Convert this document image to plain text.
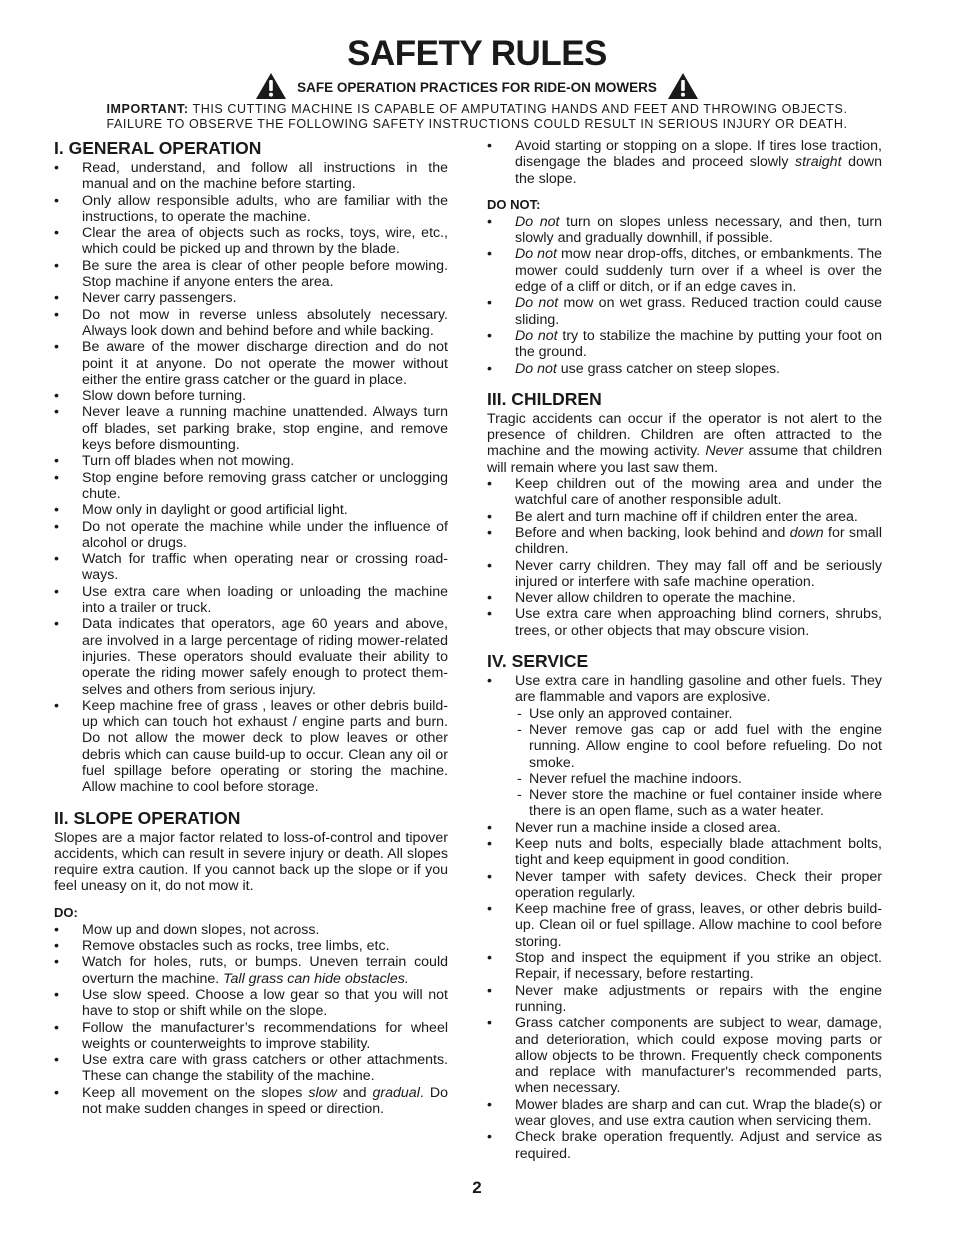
SAFETY RULES
SAFE OPERATION PRACTICES FOR RIDE-ON MOWERS
IMPORTANT: THIS CUTTING MACHINE IS CAPABLE OF AMPUTATING HANDS AND FEET AND THROWING OBJECTS.
FAILURE TO OBSERVE THE FOLLOWING SAFETY INSTRUCTIONS COULD RESULT IN SERIOUS INJURY OR DEATH.
I. GENERAL OPERATION
• Read, understand, and follow all instructions in the manual and on the machine before starting.
• Only allow responsible adults, who are familiar with the instructions, to operate the machine.
• Clear the area of objects such as rocks, toys, wire, etc., which could be picked up and thrown by the blade.
• Be sure the area is clear of other people before mowing. Stop machine if anyone enters the area.
• Never carry passengers.
• Do not mow in reverse unless absolutely necessary. Always look down and behind before and while backing.
• Be aware of the mower discharge direction and do not point it at anyone. Do not operate the mower without either the entire grass catcher or the guard in place.
• Slow down before turning.
• Never leave a running machine unattended. Always turn off blades, set parking brake, stop engine, and remove keys before dismounting.
• Turn off blades when not mowing.
• Stop engine before removing grass catcher or unclogging chute.
• Mow only in daylight or good artificial light.
• Do not operate the machine while under the influence of alcohol or drugs.
• Watch for traffic when operating near or crossing road-ways.
• Use extra care when loading or unloading the machine into a trailer or truck.
• Data indicates that operators, age 60 years and above, are involved in a large percentage of riding mower-related injuries. These operators should evaluate their ability to operate the riding mower safely enough to protect them-selves and others from serious injury.
• Keep machine free of grass , leaves or other debris build-up which can touch hot exhaust / engine parts and burn. Do not allow the mower deck to plow leaves or other debris which can cause build-up to occur. Clean any oil or fuel spillage before operating or storing the machine. Allow machine to cool before storage.
II. SLOPE OPERATION

Slopes are a major factor related to loss-of-control and tipover accidents, which can result in severe injury or death. All slopes require extra caution. If you cannot back up the slope or if you feel uneasy on it, do not mow it.

DO:
• Mow up and down slopes, not across.
• Remove obstacles such as rocks, tree limbs, etc.
• Watch for holes, ruts, or bumps. Uneven terrain could overturn the machine. Tall grass can hide obstacles.
• Use slow speed. Choose a low gear so that you will not have to stop or shift while on the slope.
• Follow the manufacturer’s recommendations for wheel weights or counterweights to improve stability.
• Use extra care with grass catchers or other attachments. These can change the stability of the machine.
• Keep all movement on the slopes slow and gradual. Do not make sudden changes in speed or direction.
• Avoid starting or stopping on a slope. If tires lose traction, disengage the blades and proceed slowly straight down the slope.
DO NOT:
• Do not turn on slopes unless necessary, and then, turn slowly and gradually downhill, if possible.
• Do not mow near drop-offs, ditches, or embankments. The mower could suddenly turn over if a wheel is over the edge of a cliff or ditch, or if an edge caves in.
• Do not mow on wet grass. Reduced traction could cause sliding.
• Do not try to stabilize the machine by putting your foot on the ground.
• Do not use grass catcher on steep slopes.
III. CHILDREN

Tragic accidents can occur if the operator is not alert to the presence of children. Children are often attracted to the machine and the mowing activity. Never assume that children will remain where you last saw them.

• Keep children out of the mowing area and under the watchful care of another responsible adult.
• Be alert and turn machine off if children enter the area.
• Before and when backing, look behind and down for small children.
• Never carry children. They may fall off and be seriously injured or interfere with safe machine operation.
• Never allow children to operate the machine.
• Use extra care when approaching blind corners, shrubs, trees, or other objects that may obscure vision.
IV. SERVICE
• Use extra care in handling gasoline and other fuels. They are flammable and vapors are explosive.
- Use only an approved container.
- Never remove gas cap or add fuel with the engine running. Allow engine to cool before refueling. Do not smoke.
- Never refuel the machine indoors.
- Never store the machine or fuel container inside where there is an open flame, such as a water heater.
• Never run a machine inside a closed area.
• Keep nuts and bolts, especially blade attachment bolts, tight and keep equipment in good condition.
• Never tamper with safety devices. Check their proper operation regularly.
• Keep machine free of grass, leaves, or other debris build-up. Clean oil or fuel spillage. Allow machine to cool before storing.
• Stop and inspect the equipment if you strike an object. Repair, if necessary, before restarting.
• Never make adjustments or repairs with the engine running.
• Grass catcher components are subject to wear, damage, and deterioration, which could expose moving parts or allow objects to be thrown. Frequently check components and replace with manufacturer's recommended parts, when necessary.
• Mower blades are sharp and can cut. Wrap the blade(s) or wear gloves, and use extra caution when servicing them.
• Check brake operation frequently. Adjust and service as required.
2
